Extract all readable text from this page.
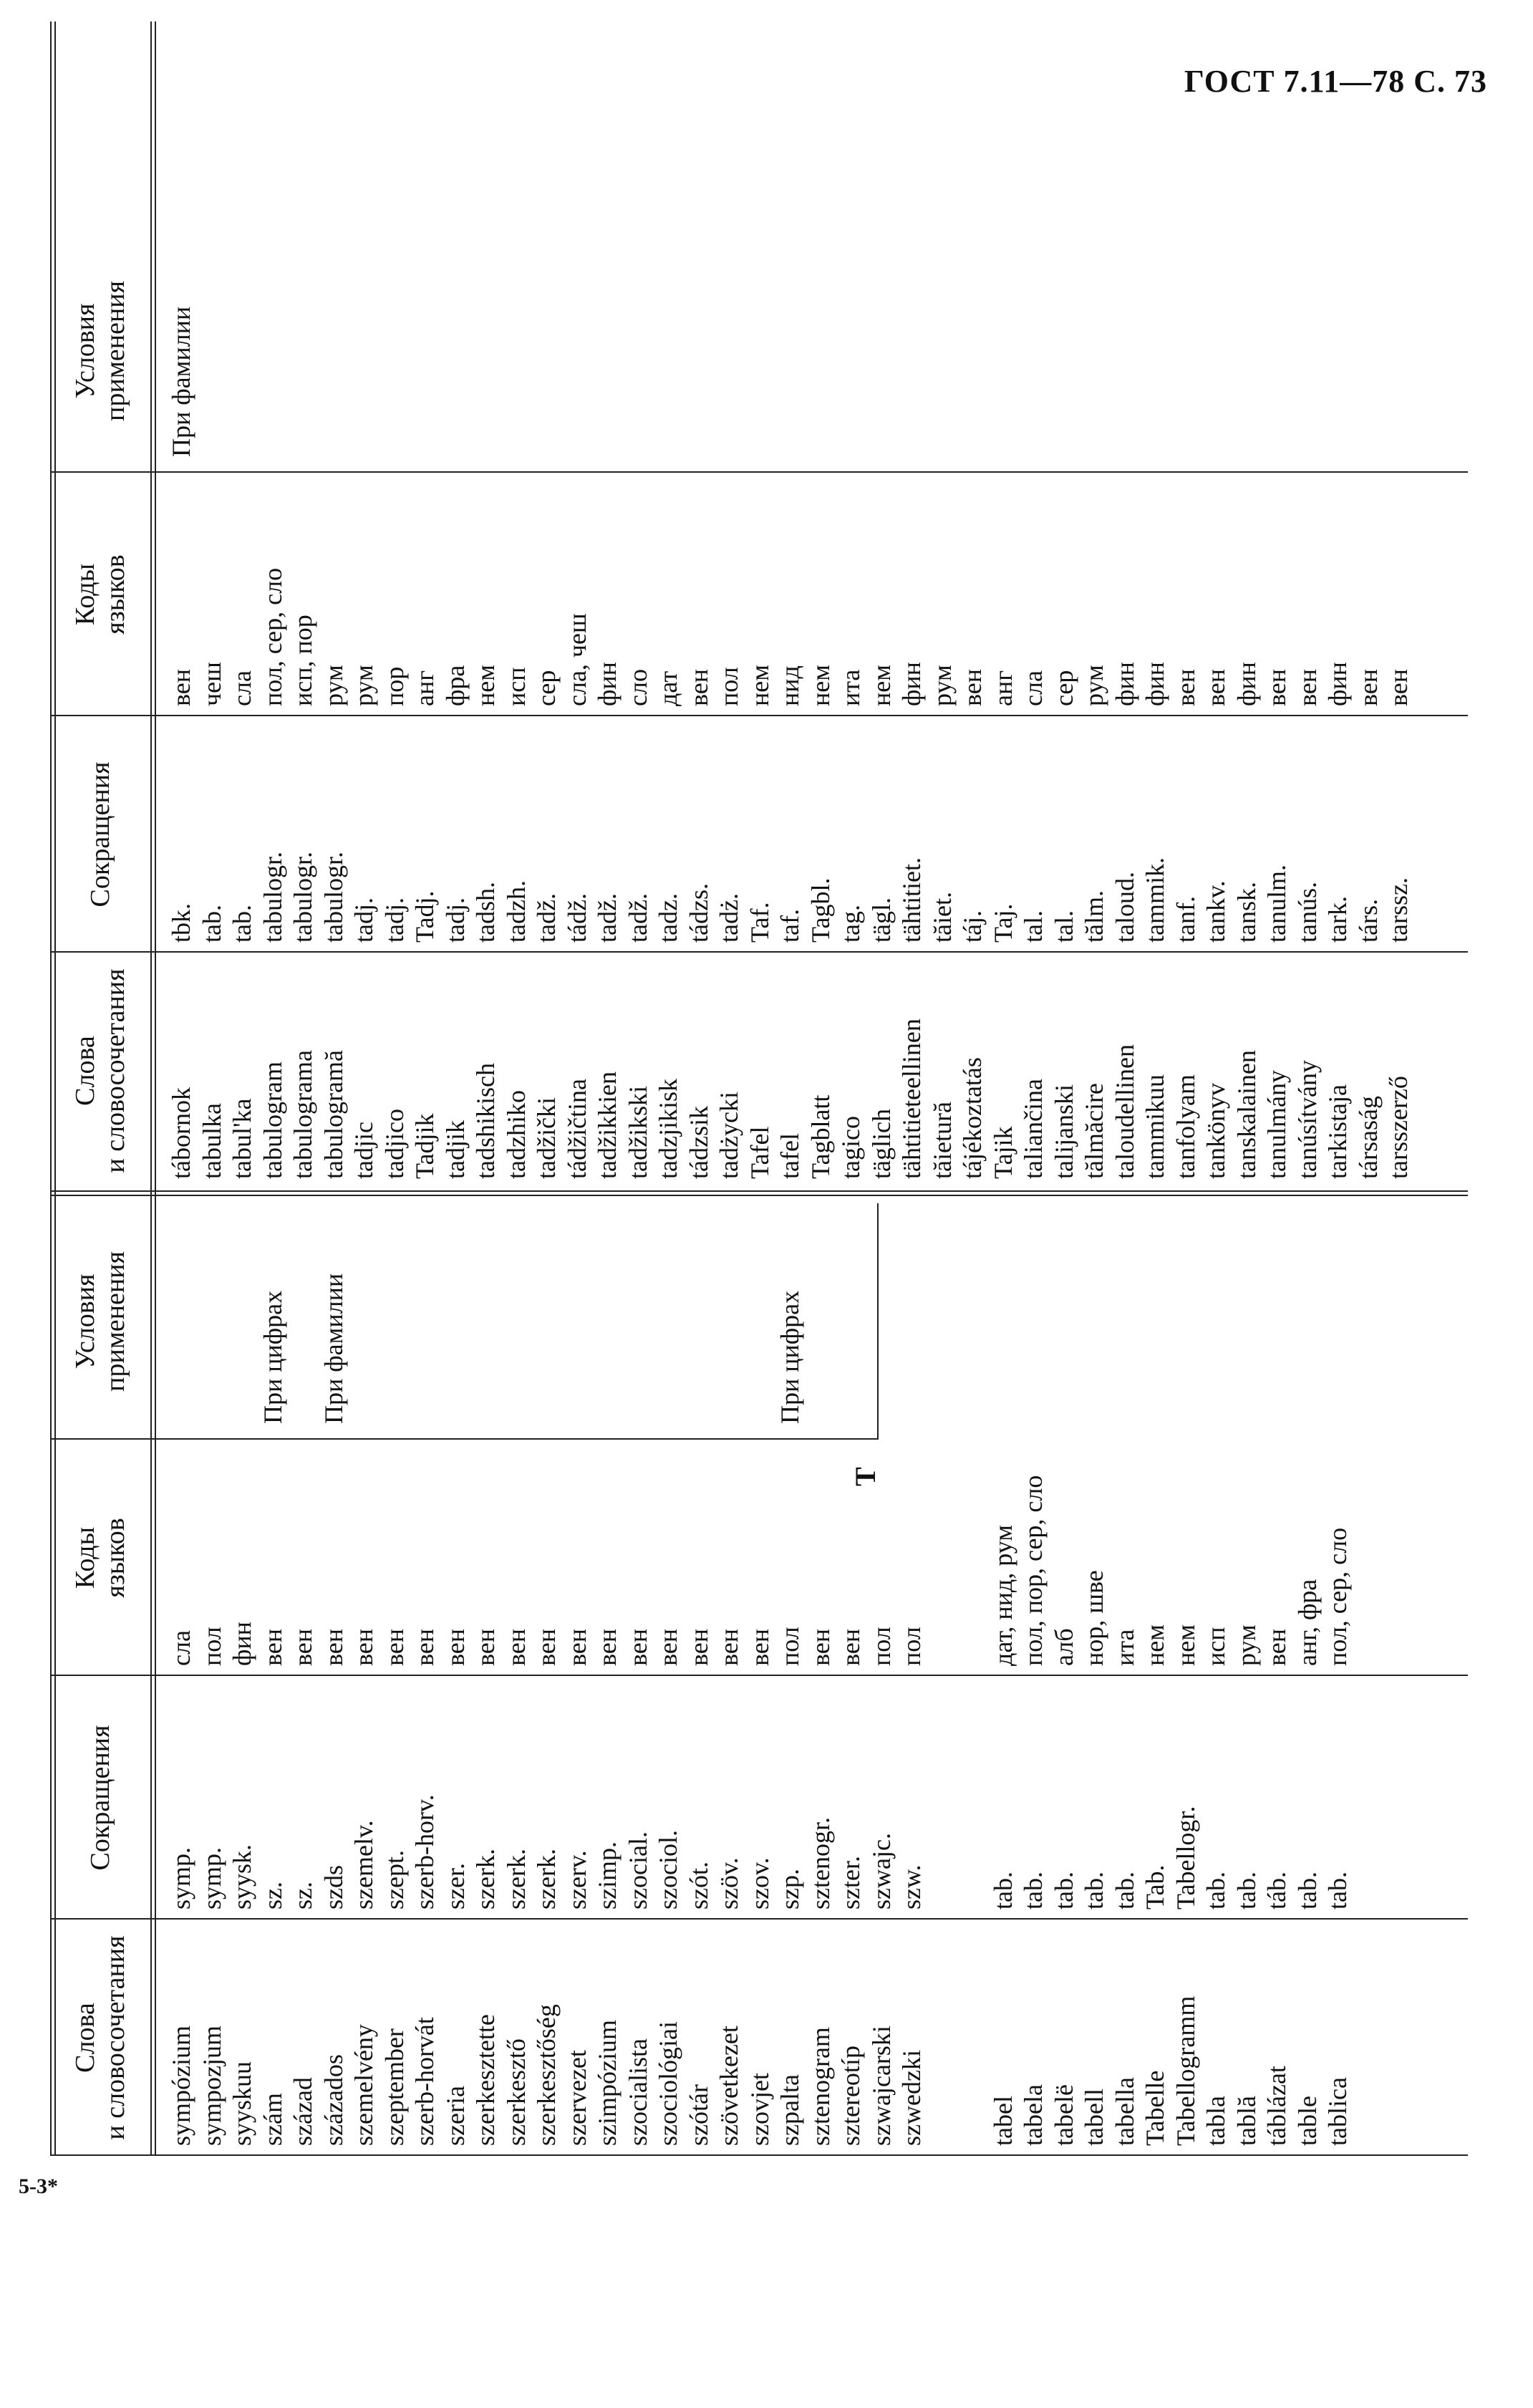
ГОСТ 7.11—78 С. 73
5-3*
Слова и словосочетания sympózium sympozjum syyskuu szám század százados szemelvény szeptember szerb-horvát szeria szerkesztette szerkesztő szerkesztőség szervezet szimpózium szocialista szociológiai szótár szövetkezet szovjet szpalta sztenogram sztereotíp szwajcarski szwedzki tabel tabela tabelë tabell tabella Tabelle Tabellogramm tabla tablă táblázat table tablica
Сокращения
symp. symp. syysk. sz. sz. szds szemelv. szept. szerb-horv. szer. szerk. szerk. szerk. szerv. szimp. szocial. szociol. szót. szöv. szov. szp. sztenogr. szter. szwajc. szw. tab. tab. tab. tab. tab. Tab. Tabellogr. tab. tab. táb. tab. tab.
Коды языков
сла пол фин вен вен вен вен вен вен вен вен вен вен вен вен вен вен вен вен вен пол вен вен пол пол дат, нид, рум пол, пор, сер, сло алб нор, шве ита нем нем исп рум вен анг, фра пол, сер, сло
Условия применения	При цифрах При фамилии	При цифрах
Слова и словосочетания tábornok tabulka tabul'ka tabulogram tabulograma tabulogramă tadjic tadjico Tadjik tadjik tadshikisch tadzhiko tadžički tádžičtina tadžikkien tadžikski tadzjikisk tádzsik tadżycki Tafel tafel Tagblatt tagico täglich tähtitieteellinen tăietură tájékoztatás Tajik taliančina talijanski tălmăcire taloudellinen tammikuu tanfolyam tankönyv tanskalainen tanulmány tanúsítvány tarkistaja társaság tarsszerző
Сокращения
tbk. tab. tab. tabulogr. tabulogr. tabulogr. tadj. tadj. Tadj. tadj. tadsh. tadzh. tadž. tádž. tadž. tadž. tadz. tádzs. tadż. Taf. taf. Tagbl. tag. tägl. tähtitiet. tăiet. táj. Taj. tal. tal. tălm. taloud. tammik. tanf. tankv. tansk. tanulm. tanús. tark. társ. tarssz.
Коды языков
вен чеш сла пол, сер, сло исп, пор рум рум пор анг фра нем исп сер сла, чеш фин сло дат вен пол нем нид нем ита нем фин рум вен анг сла сер рум фин фин вен вен фин вен вен фин вен вен
Условия применения При фамилии
Т
